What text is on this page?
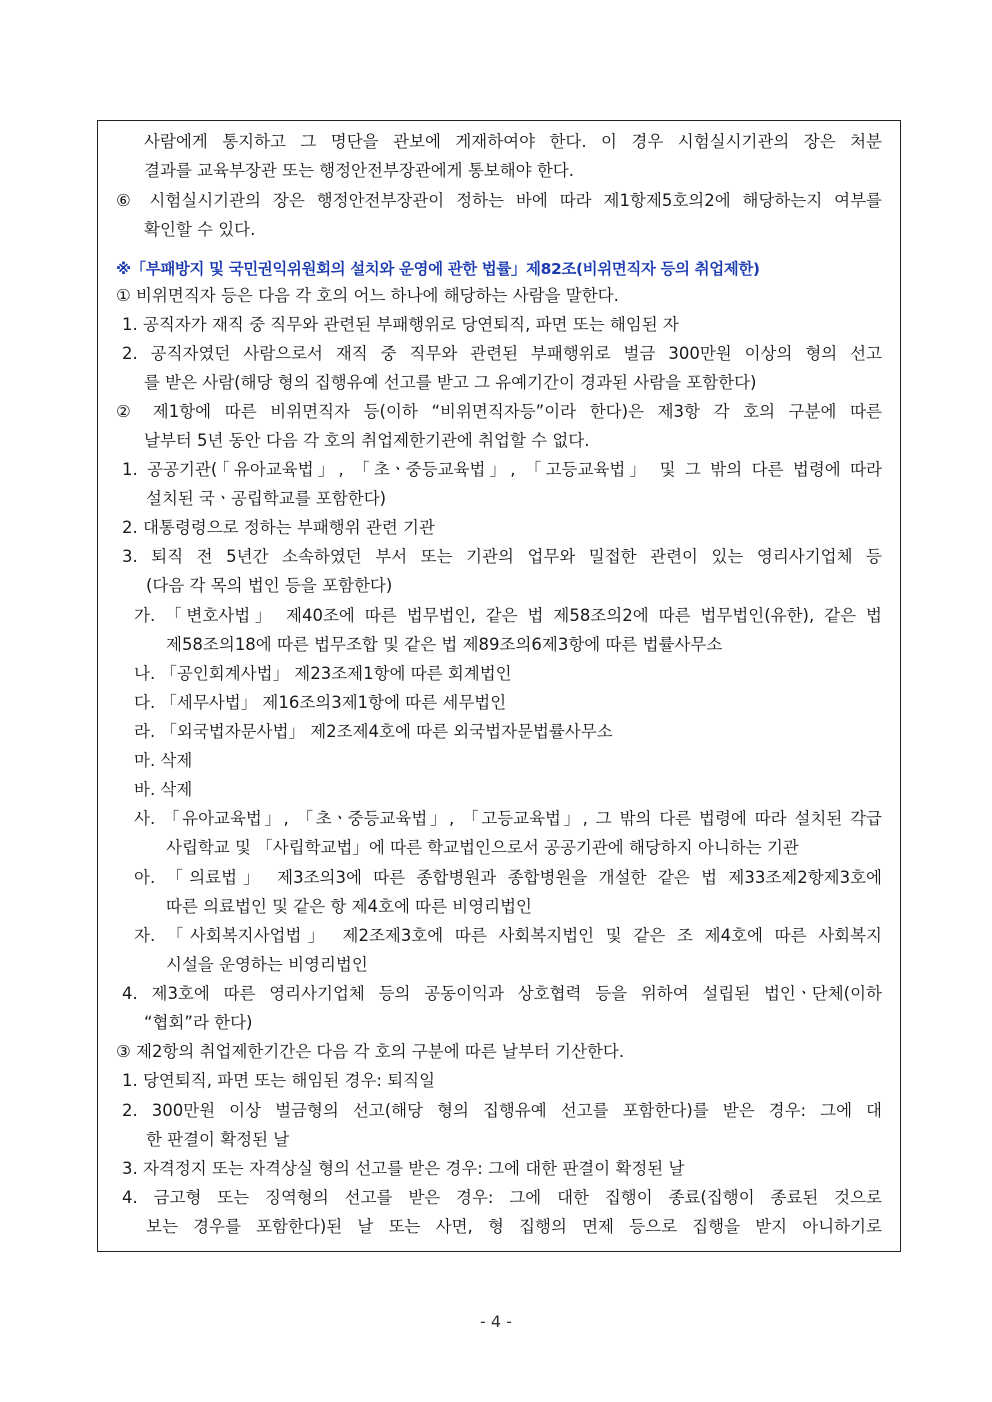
사람에게 통지하고 그 명단을 관보에 게재하여야 한다. 이 경우 시험실시기관의 장은 처분
결과를 교육부장관 또는 행정안전부장관에게 통보해야 한다.
⑥ 시험실시기관의 장은 행정안전부장관이 정하는 바에 따라 제1항제5호의2에 해당하는지 여부를
확인할 수 있다.
※「부패방지 및 국민권익위원회의 설치와 운영에 관한 법률」제82조(비위면직자 등의 취업제한)
① 비위면직자 등은 다음 각 호의 어느 하나에 해당하는 사람을 말한다.
1. 공직자가 재직 중 직무와 관련된 부패행위로 당연퇴직, 파면 또는 해임된 자
2. 공직자였던 사람으로서 재직 중 직무와 관련된 부패행위로 벌금 300만원 이상의 형의 선고
를 받은 사람(해당 형의 집행유예 선고를 받고 그 유예기간이 경과된 사람을 포함한다)
② 제1항에 따른 비위면직자 등(이하 “비위면직자등”이라 한다)은 제3항 각 호의 구분에 따른
날부터 5년 동안 다음 각 호의 취업제한기관에 취업할 수 없다.
1. 공공기관(「유아교육법」, 「초ㆍ중등교육법」, 「고등교육법」 및 그 밖의 다른 법령에 따라
설치된 국ㆍ공립학교를 포함한다)
2. 대통령령으로 정하는 부패행위 관련 기관
3. 퇴직 전 5년간 소속하였던 부서 또는 기관의 업무와 밀접한 관련이 있는 영리사기업체 등
(다음 각 목의 법인 등을 포함한다)
가. 「변호사법」 제40조에 따른 법무법인, 같은 법 제58조의2에 따른 법무법인(유한), 같은 법
제58조의18에 따른 법무조합 및 같은 법 제89조의6제3항에 따른 법률사무소
나. 「공인회계사법」 제23조제1항에 따른 회계법인
다. 「세무사법」 제16조의3제1항에 따른 세무법인
라. 「외국법자문사법」 제2조제4호에 따른 외국법자문법률사무소
마. 삭제
바. 삭제
사. 「유아교육법」, 「초ㆍ중등교육법」, 「고등교육법」, 그 밖의 다른 법령에 따라 설치된 각급
사립학교 및 「사립학교법」에 따른 학교법인으로서 공공기관에 해당하지 아니하는 기관
아. 「의료법」 제3조의3에 따른 종합병원과 종합병원을 개설한 같은 법 제33조제2항제3호에
따른 의료법인 및 같은 항 제4호에 따른 비영리법인
자. 「사회복지사업법」 제2조제3호에 따른 사회복지법인 및 같은 조 제4호에 따른 사회복지
시설을 운영하는 비영리법인
4. 제3호에 따른 영리사기업체 등의 공동이익과 상호협력 등을 위하여 설립된 법인ㆍ단체(이하
“협회”라 한다)
③ 제2항의 취업제한기간은 다음 각 호의 구분에 따른 날부터 기산한다.
1. 당연퇴직, 파면 또는 해임된 경우: 퇴직일
2. 300만원 이상 벌금형의 선고(해당 형의 집행유예 선고를 포함한다)를 받은 경우: 그에 대
한 판결이 확정된 날
3. 자격정지 또는 자격상실 형의 선고를 받은 경우: 그에 대한 판결이 확정된 날
4. 금고형 또는 징역형의 선고를 받은 경우: 그에 대한 집행이 종료(집행이 종료된 것으로
보는 경우를 포함한다)된 날 또는 사면, 형 집행의 면제 등으로 집행을 받지 아니하기로
- 4 -
